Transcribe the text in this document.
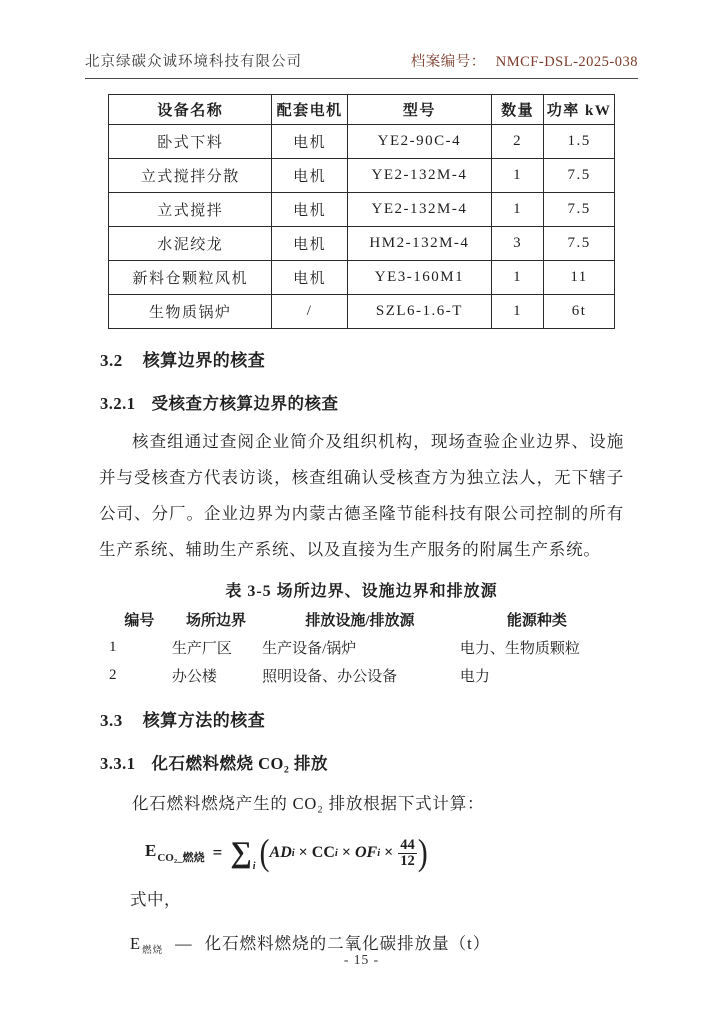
北京绿碳众诚环境科技有限公司	档案编号： NMCF-DSL-2025-038
设备名称	配套电机	型号	数量	功率 kW
卧式下料	电机	YE2-90C-4	2	1.5
立式搅拌分散	电机	YE2-132M-4	1	7.5
立式搅拌	电机	YE2-132M-4	1	7.5
水泥绞龙	电机	HM2-132M-4	3	7.5
新料仓颗粒风机	电机	YE3-160M1	1	11
生物质锅炉	/	SZL6-1.6-T	1	6t
3.2 核算边界的核查
3.2.1 受核查方核算边界的核查

核查组通过查阅企业简介及组织机构，现场查验企业边界、设施并与受核查方代表访谈，核查组确认受核查方为独立法人，无下辖子公司、分厂。企业边界为内蒙古德圣隆节能科技有限公司控制的所有生产系统、辅助生产系统、以及直接为生产服务的附属生产系统。

表 3-5 场所边界、设施边界和排放源
编号	场所边界	排放设施/排放源	能源种类
1	生产厂区	生产设备/锅炉	电力、生物质颗粒
2	办公楼	照明设备、办公设备	电力
3.3 核算方法的核查
3.3.1 化石燃料燃烧 CO₂ 排放

化石燃料燃烧产生的 CO₂ 排放根据下式计算：

$E_{CO_2\_燃烧}$ = ∑ i ( AD i × CC i × OF $i \times \frac{44}{12}$ )
式中，
E $_{燃烧}$ — 化石燃料燃烧的二氧化碳排放量（t）
- 15 -
